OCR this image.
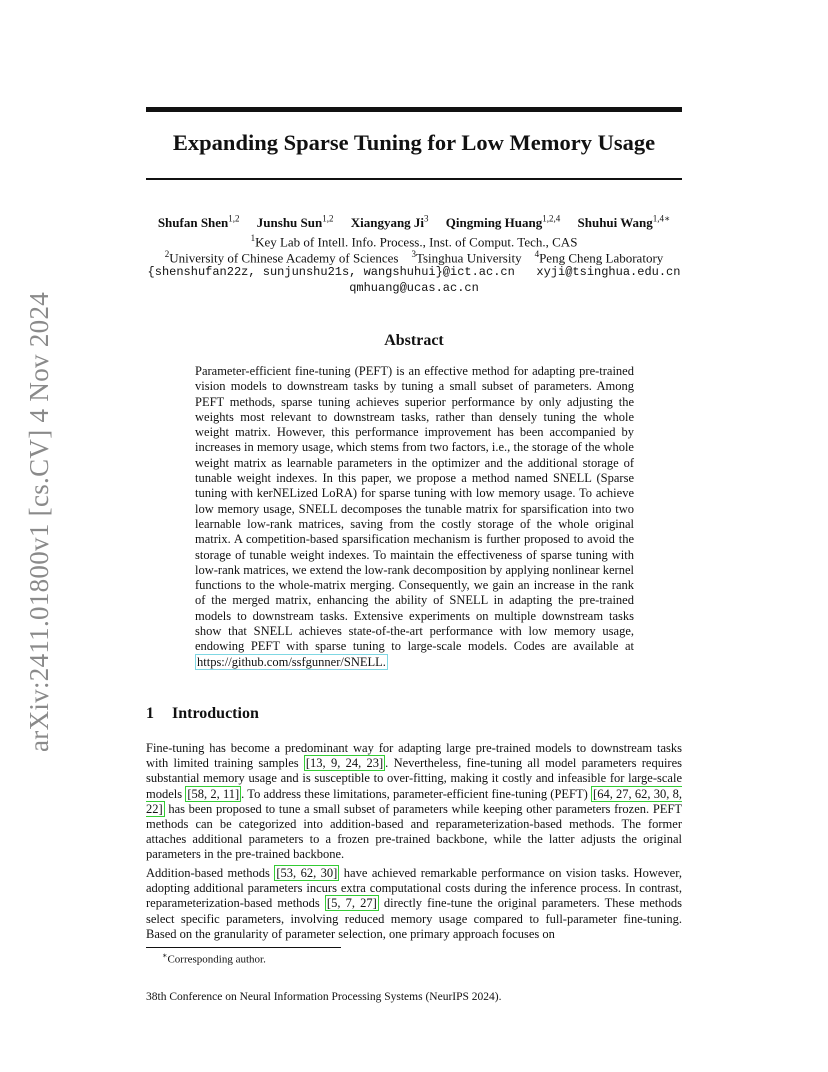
arXiv:2411.01800v1 [cs.CV] 4 Nov 2024
Expanding Sparse Tuning for Low Memory Usage
Shufan Shen$^{1,2}$ Junshu Sun$^{1,2}$ Xiangyang Ji$^3$ Qingming Huang$^{1,2,4}$ Shuhui Wang$^{1,4∗}$
$^1$Key Lab of Intell. Info. Process., Inst. of Comput. Tech., CAS
$^2$University of Chinese Academy of Sciences $^3$Tsinghua University $^4$Peng Cheng Laboratory
{shenshufan22z, sunjunshu21s, wangshuhui}@ict.ac.cn xyji@tsinghua.edu.cn
qmhuang@ucas.ac.cn
Abstract
Parameter-efficient fine-tuning (PEFT) is an effective method for adapting pre-trained vision models to downstream tasks by tuning a small subset of parameters. Among PEFT methods, sparse tuning achieves superior performance by only adjusting the weights most relevant to downstream tasks, rather than densely tuning the whole weight matrix. However, this performance improvement has been accompanied by increases in memory usage, which stems from two factors, i.e., the storage of the whole weight matrix as learnable parameters in the optimizer and the additional storage of tunable weight indexes. In this paper, we propose a method named SNELL (Sparse tuning with kerNELized LoRA) for sparse tuning with low memory usage. To achieve low memory usage, SNELL decomposes the tunable matrix for sparsification into two learnable low-rank matrices, saving from the costly storage of the whole original matrix. A competition-based sparsification mechanism is further proposed to avoid the storage of tunable weight indexes. To maintain the effectiveness of sparse tuning with low-rank matrices, we extend the low-rank decomposition by applying nonlinear kernel functions to the whole-matrix merging. Consequently, we gain an increase in the rank of the merged matrix, enhancing the ability of SNELL in adapting the pre-trained models to downstream tasks. Extensive experiments on multiple downstream tasks show that SNELL achieves state-of-the-art performance with low memory usage, endowing PEFT with sparse tuning to large-scale models. Codes are available at https://github.com/ssfgunner/SNELL.
1 Introduction
Fine-tuning has become a predominant way for adapting large pre-trained models to downstream tasks with limited training samples [13, 9, 24, 23] . Nevertheless, fine-tuning all model parameters requires substantial memory usage and is susceptible to over-fitting, making it costly and infeasible for large-scale models [58, 2, 11] . To address these limitations, parameter-efficient fine-tuning (PEFT) [64, 27, 62, 30, 8, 22] has been proposed to tune a small subset of parameters while keeping other parameters frozen. PEFT methods can be categorized into addition-based and reparameterization-based methods. The former attaches additional parameters to a frozen pre-trained backbone, while the latter adjusts the original parameters in the pre-trained backbone.
Addition-based methods [53, 62, 30] have achieved remarkable performance on vision tasks. However, adopting additional parameters incurs extra computational costs during the inference process. In contrast, reparameterization-based methods [5, 7, 27] directly fine-tune the original parameters. These methods select specific parameters, involving reduced memory usage compared to full-parameter fine-tuning. Based on the granularity of parameter selection, one primary approach focuses on
∗Corresponding author.
38th Conference on Neural Information Processing Systems (NeurIPS 2024).
